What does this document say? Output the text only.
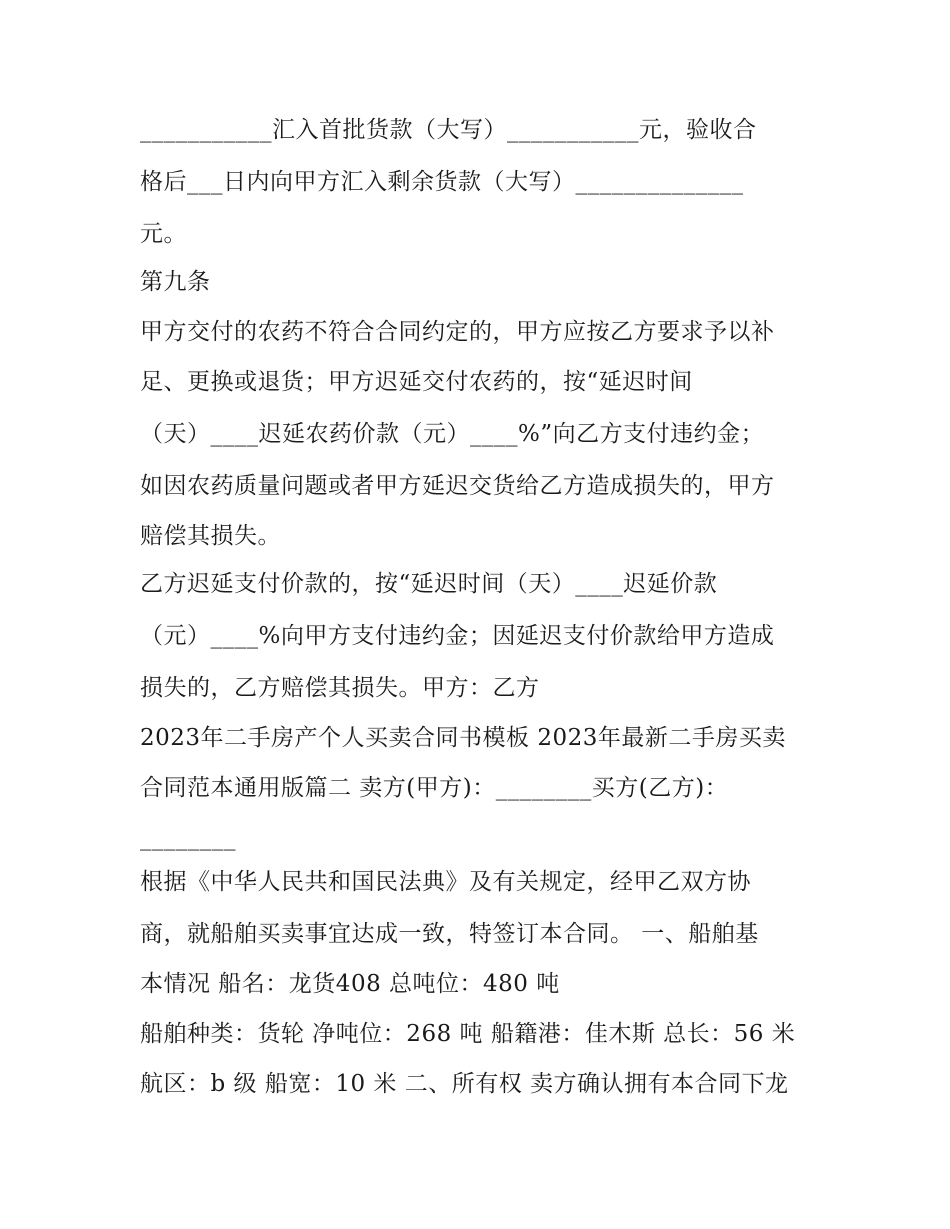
___________汇入首批货款（大写）___________元，验收合
格后___日内向甲方汇入剩余货款（大写）______________
元。
第九条
甲方交付的农药不符合合同约定的，甲方应按乙方要求予以补
足、更换或退货；甲方迟延交付农药的，按“延迟时间
（天）____迟延农药价款（元）____%”向乙方支付违约金；
如因农药质量问题或者甲方延迟交货给乙方造成损失的，甲方
赔偿其损失。
乙方迟延支付价款的，按“延迟时间（天）____迟延价款
（元）____%向甲方支付违约金；因延迟支付价款给甲方造成
损失的，乙方赔偿其损失。甲方：乙方
2023年二手房产个人买卖合同书模板 2023年最新二手房买卖
合同范本通用版篇二 卖方(甲方)：________买方(乙方)：
________
根据《中华人民共和国民法典》及有关规定，经甲乙双方协
商，就船舶买卖事宜达成一致，特签订本合同。 一、船舶基
本情况 船名：龙货408 总吨位：480 吨
船舶种类：货轮 净吨位：268 吨 船籍港：佳木斯 总长：56 米
航区：b 级 船宽：10 米 二、所有权 卖方确认拥有本合同下龙
